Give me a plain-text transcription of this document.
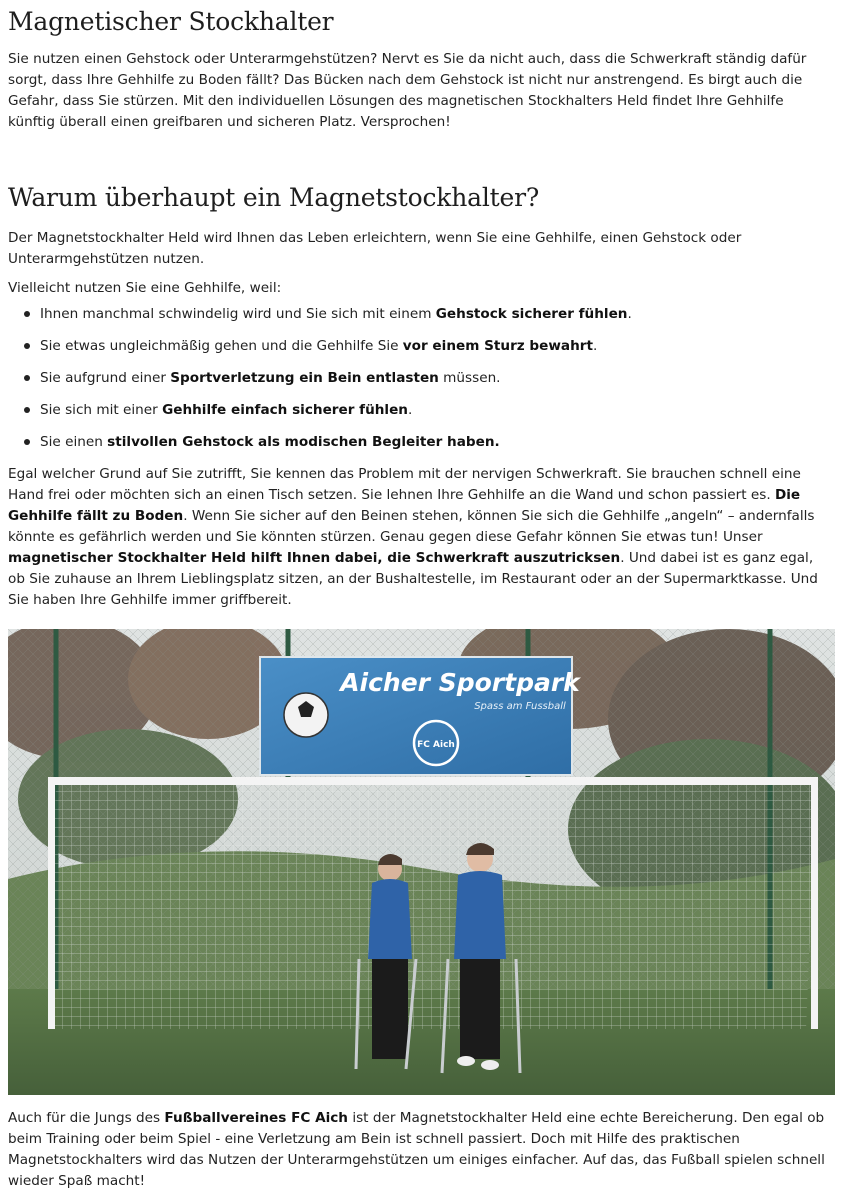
Magnetischer Stockhalter

Sie nutzen einen Gehstock oder Unterarmgehstützen? Nervt es Sie da nicht auch, dass die Schwerkraft ständig dafür sorgt, dass Ihre Gehhilfe zu Boden fällt? Das Bücken nach dem Gehstock ist nicht nur anstrengend. Es birgt auch die Gefahr, dass Sie stürzen. Mit den individuellen Lösungen des magnetischen Stockhalters Held findet Ihre Gehhilfe künftig überall einen greifbaren und sicheren Platz. Versprochen!

Warum überhaupt ein Magnetstockhalter?

Der Magnetstockhalter Held wird Ihnen das Leben erleichtern, wenn Sie eine Gehhilfe, einen Gehstock oder Unterarmgehstützen nutzen.

Vielleicht nutzen Sie eine Gehhilfe, weil:

Ihnen manchmal schwindelig wird und Sie sich mit einem Gehstock sicherer fühlen.
Sie etwas ungleichmäßig gehen und die Gehhilfe Sie vor einem Sturz bewahrt.
Sie aufgrund einer Sportverletzung ein Bein entlasten müssen.
Sie sich mit einer Gehhilfe einfach sicherer fühlen.
Sie einen stilvollen Gehstock als modischen Begleiter haben.

Egal welcher Grund auf Sie zutrifft, Sie kennen das Problem mit der nervigen Schwerkraft. Sie brauchen schnell eine Hand frei oder möchten sich an einen Tisch setzen. Sie lehnen Ihre Gehhilfe an die Wand und schon passiert es. Die Gehhilfe fällt zu Boden. Wenn Sie sicher auf den Beinen stehen, können Sie sich die Gehhilfe „angeln“ – andernfalls könnte es gefährlich werden und Sie könnten stürzen. Genau gegen diese Gefahr können Sie etwas tun! Unser magnetischer Stockhalter Held hilft Ihnen dabei, die Schwerkraft auszutricksen. Und dabei ist es ganz egal, ob Sie zuhause an Ihrem Lieblingsplatz sitzen, an der Bushaltestelle, im Restaurant oder an der Supermarktkasse. Und Sie haben Ihre Gehhilfe immer griffbereit.

Aicher Sportpark
Spass am Fussball
FC Aich

Auch für die Jungs des Fußballvereines FC Aich ist der Magnetstockhalter Held eine echte Bereicherung. Den egal ob beim Training oder beim Spiel - eine Verletzung am Bein ist schnell passiert. Doch mit Hilfe des praktischen Magnetstockhalters wird das Nutzen der Unterarmgehstützen um einiges einfacher. Auf das, das Fußball spielen schnell wieder Spaß macht!
